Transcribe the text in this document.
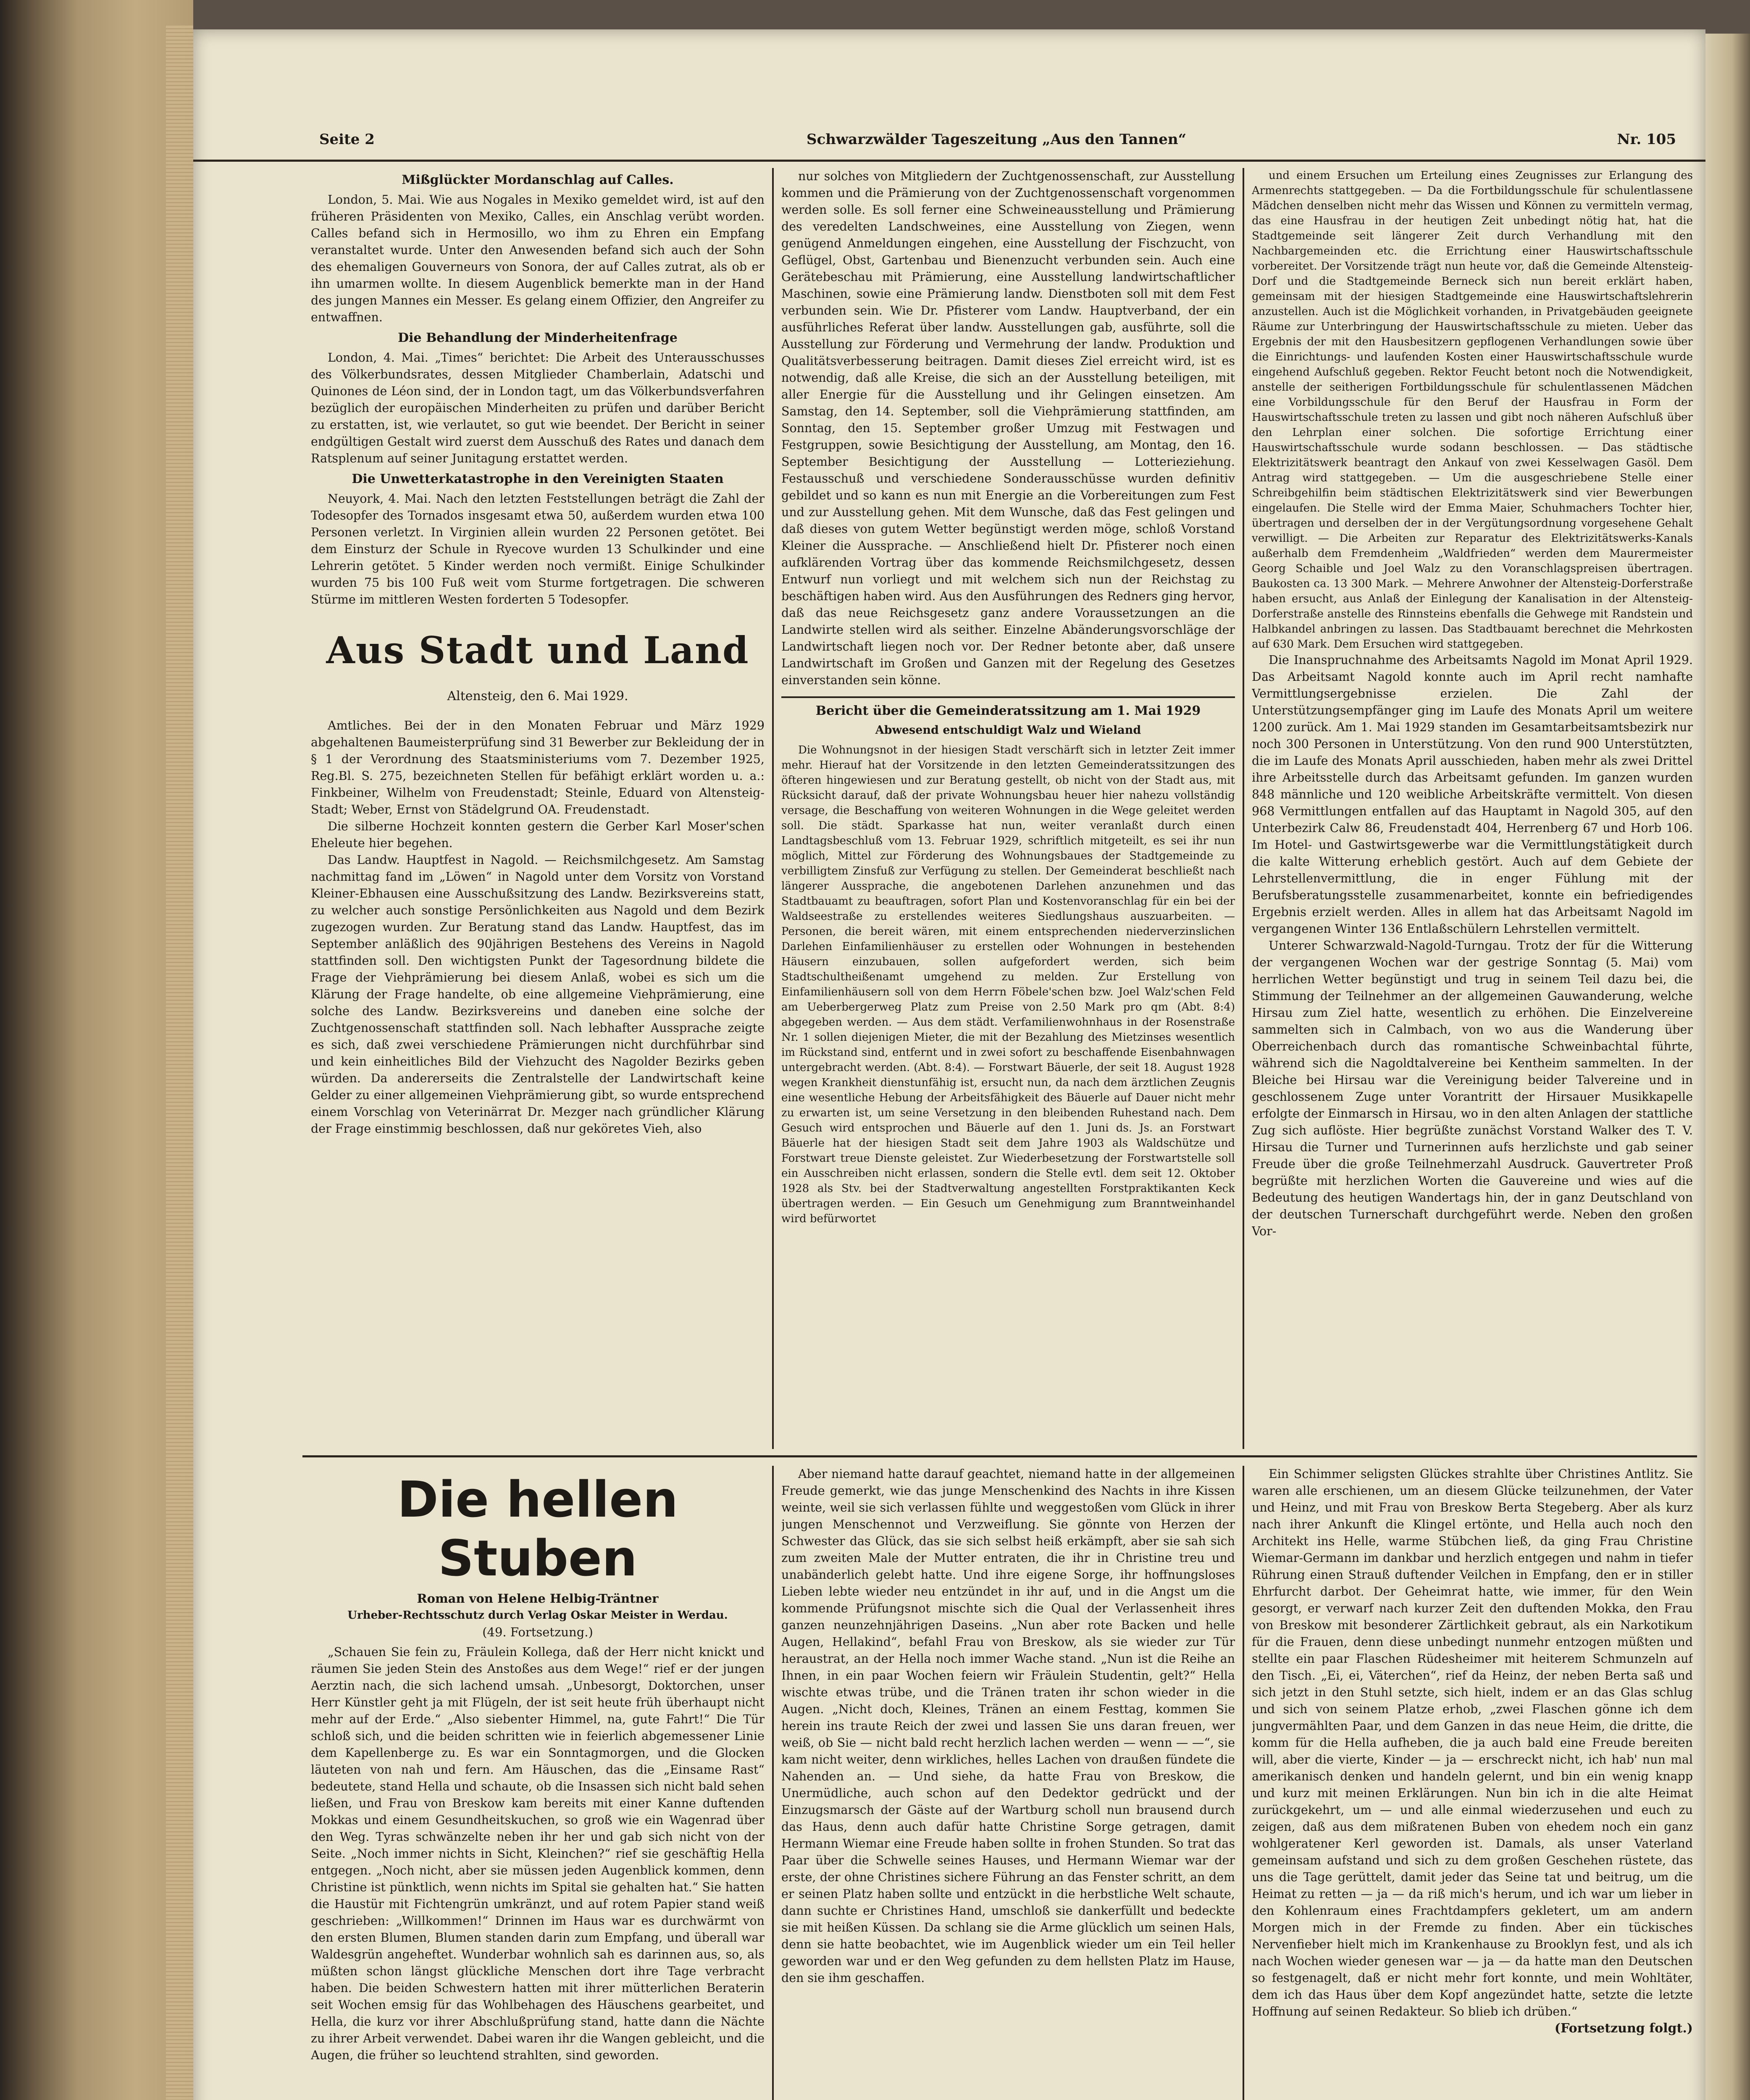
Seite 2	Schwarzwälder Tageszeitung „Aus den Tannen“	Nr. 105
Mißglückter Mordanschlag auf Calles.

London, 5. Mai. Wie aus Nogales in Mexiko gemeldet wird, ist auf den früheren Präsidenten von Mexiko, Calles, ein Anschlag verübt worden. Calles befand sich in Hermosillo, wo ihm zu Ehren ein Empfang veranstaltet wurde. Unter den Anwesenden befand sich auch der Sohn des ehemaligen Gouverneurs von Sonora, der auf Calles zutrat, als ob er ihn umarmen wollte. In diesem Augenblick bemerkte man in der Hand des jungen Mannes ein Messer. Es gelang einem Offizier, den Angreifer zu entwaffnen.

Die Behandlung der Minderheitenfrage

London, 4. Mai. „Times“ berichtet: Die Arbeit des Unterausschusses des Völkerbundsrates, dessen Mitglieder Chamberlain, Adatschi und Quinones de Léon sind, der in London tagt, um das Völkerbundsverfahren bezüglich der europäischen Minderheiten zu prüfen und darüber Bericht zu erstatten, ist, wie verlautet, so gut wie beendet. Der Bericht in seiner endgültigen Gestalt wird zuerst dem Ausschuß des Rates und danach dem Ratsplenum auf seiner Junitagung erstattet werden.

Die Unwetterkatastrophe in den Vereinigten Staaten

Neuyork, 4. Mai. Nach den letzten Feststellungen beträgt die Zahl der Todesopfer des Tornados insgesamt etwa 50, außerdem wurden etwa 100 Personen verletzt. In Virginien allein wurden 22 Personen getötet. Bei dem Einsturz der Schule in Ryecove wurden 13 Schulkinder und eine Lehrerin getötet. 5 Kinder werden noch vermißt. Einige Schulkinder wurden 75 bis 100 Fuß weit vom Sturme fortgetragen. Die schweren Stürme im mittleren Westen forderten 5 Todesopfer.

Aus Stadt und Land
Altensteig, den 6. Mai 1929.

Amtliches. Bei der in den Monaten Februar und März 1929 abgehaltenen Baumeisterprüfung sind 31 Bewerber zur Bekleidung der in § 1 der Verordnung des Staatsministeriums vom 7. Dezember 1925, Reg.Bl. S. 275, bezeichneten Stellen für befähigt erklärt worden u. a.: Finkbeiner, Wilhelm von Freudenstadt; Steinle, Eduard von Altensteig-Stadt; Weber, Ernst von Städelgrund OA. Freudenstadt.

Die silberne Hochzeit konnten gestern die Gerber Karl Moser'schen Eheleute hier begehen.

Das Landw. Hauptfest in Nagold. — Reichsmilchgesetz. Am Samstag nachmittag fand im „Löwen“ in Nagold unter dem Vorsitz von Vorstand Kleiner-Ebhausen eine Ausschußsitzung des Landw. Bezirksvereins statt, zu welcher auch sonstige Persönlichkeiten aus Nagold und dem Bezirk zugezogen wurden. Zur Beratung stand das Landw. Hauptfest, das im September anläßlich des 90jährigen Bestehens des Vereins in Nagold stattfinden soll. Den wichtigsten Punkt der Tagesordnung bildete die Frage der Viehprämierung bei diesem Anlaß, wobei es sich um die Klärung der Frage handelte, ob eine allgemeine Viehprämierung, eine solche des Landw. Bezirksvereins und daneben eine solche der Zuchtgenossenschaft stattfinden soll. Nach lebhafter Aussprache zeigte es sich, daß zwei verschiedene Prämierungen nicht durchführbar sind und kein einheitliches Bild der Viehzucht des Nagolder Bezirks geben würden. Da andererseits die Zentralstelle der Landwirtschaft keine Gelder zu einer allgemeinen Viehprämierung gibt, so wurde entsprechend einem Vorschlag von Veterinärrat Dr. Mezger nach gründlicher Klärung der Frage einstimmig beschlossen, daß nur geköretes Vieh, also

nur solches von Mitgliedern der Zuchtgenossenschaft, zur Ausstellung kommen und die Prämierung von der Zuchtgenossenschaft vorgenommen werden solle. Es soll ferner eine Schweineausstellung und Prämierung des veredelten Landschweines, eine Ausstellung von Ziegen, wenn genügend Anmeldungen eingehen, eine Ausstellung der Fischzucht, von Geflügel, Obst, Gartenbau und Bienenzucht verbunden sein. Auch eine Gerätebeschau mit Prämierung, eine Ausstellung landwirtschaftlicher Maschinen, sowie eine Prämierung landw. Dienstboten soll mit dem Fest verbunden sein. Wie Dr. Pfisterer vom Landw. Hauptverband, der ein ausführliches Referat über landw. Ausstellungen gab, ausführte, soll die Ausstellung zur Förderung und Vermehrung der landw. Produktion und Qualitätsverbesserung beitragen. Damit dieses Ziel erreicht wird, ist es notwendig, daß alle Kreise, die sich an der Ausstellung beteiligen, mit aller Energie für die Ausstellung und ihr Gelingen einsetzen. Am Samstag, den 14. September, soll die Viehprämierung stattfinden, am Sonntag, den 15. September großer Umzug mit Festwagen und Festgruppen, sowie Besichtigung der Ausstellung, am Montag, den 16. September Besichtigung der Ausstellung — Lotterieziehung. Festausschuß und verschiedene Sonderausschüsse wurden definitiv gebildet und so kann es nun mit Energie an die Vorbereitungen zum Fest und zur Ausstellung gehen. Mit dem Wunsche, daß das Fest gelingen und daß dieses von gutem Wetter begünstigt werden möge, schloß Vorstand Kleiner die Aussprache. — Anschließend hielt Dr. Pfisterer noch einen aufklärenden Vortrag über das kommende Reichsmilchgesetz, dessen Entwurf nun vorliegt und mit welchem sich nun der Reichstag zu beschäftigen haben wird. Aus den Ausführungen des Redners ging hervor, daß das neue Reichsgesetz ganz andere Voraussetzungen an die Landwirte stellen wird als seither. Einzelne Abänderungsvorschläge der Landwirtschaft liegen noch vor. Der Redner betonte aber, daß unsere Landwirtschaft im Großen und Ganzen mit der Regelung des Gesetzes einverstanden sein könne.

Bericht über die Gemeinderatssitzung am 1. Mai 1929
Abwesend entschuldigt Walz und Wieland

Die Wohnungsnot in der hiesigen Stadt verschärft sich in letzter Zeit immer mehr. Hierauf hat der Vorsitzende in den letzten Gemeinderatssitzungen des öfteren hingewiesen und zur Beratung gestellt, ob nicht von der Stadt aus, mit Rücksicht darauf, daß der private Wohnungsbau heuer hier nahezu vollständig versage, die Beschaffung von weiteren Wohnungen in die Wege geleitet werden soll. Die städt. Sparkasse hat nun, weiter veranlaßt durch einen Landtagsbeschluß vom 13. Februar 1929, schriftlich mitgeteilt, es sei ihr nun möglich, Mittel zur Förderung des Wohnungsbaues der Stadtgemeinde zu verbilligtem Zinsfuß zur Verfügung zu stellen. Der Gemeinderat beschließt nach längerer Aussprache, die angebotenen Darlehen anzunehmen und das Stadtbauamt zu beauftragen, sofort Plan und Kostenvoranschlag für ein bei der Waldseestraße zu erstellendes weiteres Siedlungshaus auszuarbeiten. — Personen, die bereit wären, mit einem entsprechenden niederverzinslichen Darlehen Einfamilienhäuser zu erstellen oder Wohnungen in bestehenden Häusern einzubauen, sollen aufgefordert werden, sich beim Stadtschultheißenamt umgehend zu melden. Zur Erstellung von Einfamilienhäusern soll von dem Herrn Föbele'schen bzw. Joel Walz'schen Feld am Ueberbergerweg Platz zum Preise von 2.50 Mark pro qm (Abt. 8:4) abgegeben werden. — Aus dem städt. Verfamilienwohnhaus in der Rosenstraße Nr. 1 sollen diejenigen Mieter, die mit der Bezahlung des Mietzinses wesentlich im Rückstand sind, entfernt und in zwei sofort zu beschaffende Eisenbahnwagen untergebracht werden. (Abt. 8:4). — Forstwart Bäuerle, der seit 18. August 1928 wegen Krankheit dienstunfähig ist, ersucht nun, da nach dem ärztlichen Zeugnis eine wesentliche Hebung der Arbeitsfähigkeit des Bäuerle auf Dauer nicht mehr zu erwarten ist, um seine Versetzung in den bleibenden Ruhestand nach. Dem Gesuch wird entsprochen und Bäuerle auf den 1. Juni ds. Js. an Forstwart Bäuerle hat der hiesigen Stadt seit dem Jahre 1903 als Waldschütze und Forstwart treue Dienste geleistet. Zur Wiederbesetzung der Forstwartstelle soll ein Ausschreiben nicht erlassen, sondern die Stelle evtl. dem seit 12. Oktober 1928 als Stv. bei der Stadtverwaltung angestellten Forstpraktikanten Keck übertragen werden. — Ein Gesuch um Genehmigung zum Branntweinhandel wird befürwortet

und einem Ersuchen um Erteilung eines Zeugnisses zur Erlangung des Armenrechts stattgegeben. — Da die Fortbildungsschule für schulentlassene Mädchen denselben nicht mehr das Wissen und Können zu vermitteln vermag, das eine Hausfrau in der heutigen Zeit unbedingt nötig hat, hat die Stadtgemeinde seit längerer Zeit durch Verhandlung mit den Nachbargemeinden etc. die Errichtung einer Hauswirtschaftsschule vorbereitet. Der Vorsitzende trägt nun heute vor, daß die Gemeinde Altensteig-Dorf und die Stadtgemeinde Berneck sich nun bereit erklärt haben, gemeinsam mit der hiesigen Stadtgemeinde eine Hauswirtschaftslehrerin anzustellen. Auch ist die Möglichkeit vorhanden, in Privatgebäuden geeignete Räume zur Unterbringung der Hauswirtschaftsschule zu mieten. Ueber das Ergebnis der mit den Hausbesitzern gepflogenen Verhandlungen sowie über die Einrichtungs- und laufenden Kosten einer Hauswirtschaftsschule wurde eingehend Aufschluß gegeben. Rektor Feucht betont noch die Notwendigkeit, anstelle der seitherigen Fortbildungsschule für schulentlassenen Mädchen eine Vorbildungsschule für den Beruf der Hausfrau in Form der Hauswirtschaftsschule treten zu lassen und gibt noch näheren Aufschluß über den Lehrplan einer solchen. Die sofortige Errichtung einer Hauswirtschaftsschule wurde sodann beschlossen. — Das städtische Elektrizitätswerk beantragt den Ankauf von zwei Kesselwagen Gasöl. Dem Antrag wird stattgegeben. — Um die ausgeschriebene Stelle einer Schreibgehilfin beim städtischen Elektrizitätswerk sind vier Bewerbungen eingelaufen. Die Stelle wird der Emma Maier, Schuhmachers Tochter hier, übertragen und derselben der in der Vergütungsordnung vorgesehene Gehalt verwilligt. — Die Arbeiten zur Reparatur des Elektrizitätswerks-Kanals außerhalb dem Fremdenheim „Waldfrieden“ werden dem Maurermeister Georg Schaible und Joel Walz zu den Voranschlagspreisen übertragen. Baukosten ca. 13 300 Mark. — Mehrere Anwohner der Altensteig-Dorferstraße haben ersucht, aus Anlaß der Einlegung der Kanalisation in der Altensteig-Dorferstraße anstelle des Rinnsteins ebenfalls die Gehwege mit Randstein und Halbkandel anbringen zu lassen. Das Stadtbauamt berechnet die Mehrkosten auf 630 Mark. Dem Ersuchen wird stattgegeben.

Die Inanspruchnahme des Arbeitsamts Nagold im Monat April 1929. Das Arbeitsamt Nagold konnte auch im April recht namhafte Vermittlungsergebnisse erzielen. Die Zahl der Unterstützungsempfänger ging im Laufe des Monats April um weitere 1200 zurück. Am 1. Mai 1929 standen im Gesamtarbeitsamtsbezirk nur noch 300 Personen in Unterstützung. Von den rund 900 Unterstützten, die im Laufe des Monats April ausschieden, haben mehr als zwei Drittel ihre Arbeitsstelle durch das Arbeitsamt gefunden. Im ganzen wurden 848 männliche und 120 weibliche Arbeitskräfte vermittelt. Von diesen 968 Vermittlungen entfallen auf das Hauptamt in Nagold 305, auf den Unterbezirk Calw 86, Freudenstadt 404, Herrenberg 67 und Horb 106. Im Hotel- und Gastwirtsgewerbe war die Vermittlungstätigkeit durch die kalte Witterung erheblich gestört. Auch auf dem Gebiete der Lehrstellenvermittlung, die in enger Fühlung mit der Berufsberatungsstelle zusammenarbeitet, konnte ein befriedigendes Ergebnis erzielt werden. Alles in allem hat das Arbeitsamt Nagold im vergangenen Winter 136 Entlaßschülern Lehrstellen vermittelt.

Unterer Schwarzwald-Nagold-Turngau. Trotz der für die Witterung der vergangenen Wochen war der gestrige Sonntag (5. Mai) vom herrlichen Wetter begünstigt und trug in seinem Teil dazu bei, die Stimmung der Teilnehmer an der allgemeinen Gauwanderung, welche Hirsau zum Ziel hatte, wesentlich zu erhöhen. Die Einzelvereine sammelten sich in Calmbach, von wo aus die Wanderung über Oberreichenbach durch das romantische Schweinbachtal führte, während sich die Nagoldtalvereine bei Kentheim sammelten. In der Bleiche bei Hirsau war die Vereinigung beider Talvereine und in geschlossenem Zuge unter Vorantritt der Hirsauer Musikkapelle erfolgte der Einmarsch in Hirsau, wo in den alten Anlagen der stattliche Zug sich auflöste. Hier begrüßte zunächst Vorstand Walker des T. V. Hirsau die Turner und Turnerinnen aufs herzlichste und gab seiner Freude über die große Teilnehmerzahl Ausdruck. Gauvertreter Proß begrüßte mit herzlichen Worten die Gauvereine und wies auf die Bedeutung des heutigen Wandertags hin, der in ganz Deutschland von der deutschen Turnerschaft durchgeführt werde. Neben den großen Vor-

Die hellen Stuben
Roman von Helene Helbig-Träntner
Urheber-Rechtsschutz durch Verlag Oskar Meister in Werdau.
(49. Fortsetzung.)

„Schauen Sie fein zu, Fräulein Kollega, daß der Herr nicht knickt und räumen Sie jeden Stein des Anstoßes aus dem Wege!“ rief er der jungen Aerztin nach, die sich lachend umsah. „Unbesorgt, Doktorchen, unser Herr Künstler geht ja mit Flügeln, der ist seit heute früh überhaupt nicht mehr auf der Erde.“ „Also siebenter Himmel, na, gute Fahrt!“ Die Tür schloß sich, und die beiden schritten wie in feierlich abgemessener Linie dem Kapellenberge zu. Es war ein Sonntagmorgen, und die Glocken läuteten von nah und fern. Am Häuschen, das die „Einsame Rast“ bedeutete, stand Hella und schaute, ob die Insassen sich nicht bald sehen ließen, und Frau von Breskow kam bereits mit einer Kanne duftenden Mokkas und einem Gesundheitskuchen, so groß wie ein Wagenrad über den Weg. Tyras schwänzelte neben ihr her und gab sich nicht von der Seite. „Noch immer nichts in Sicht, Kleinchen?“ rief sie geschäftig Hella entgegen. „Noch nicht, aber sie müssen jeden Augenblick kommen, denn Christine ist pünktlich, wenn nichts im Spital sie gehalten hat.“ Sie hatten die Haustür mit Fichtengrün umkränzt, und auf rotem Papier stand weiß geschrieben: „Willkommen!“ Drinnen im Haus war es durchwärmt von den ersten Blumen, Blumen standen darin zum Empfang, und überall war Waldesgrün angeheftet. Wunderbar wohnlich sah es darinnen aus, so, als müßten schon längst glückliche Menschen dort ihre Tage verbracht haben. Die beiden Schwestern hatten mit ihrer mütterlichen Beraterin seit Wochen emsig für das Wohlbehagen des Häuschens gearbeitet, und Hella, die kurz vor ihrer Abschlußprüfung stand, hatte dann die Nächte zu ihrer Arbeit verwendet. Dabei waren ihr die Wangen gebleicht, und die Augen, die früher so leuchtend strahlten, sind geworden.

Aber niemand hatte darauf geachtet, niemand hatte in der allgemeinen Freude gemerkt, wie das junge Menschenkind des Nachts in ihre Kissen weinte, weil sie sich verlassen fühlte und weggestoßen vom Glück in ihrer jungen Menschennot und Verzweiflung. Sie gönnte von Herzen der Schwester das Glück, das sie sich selbst heiß erkämpft, aber sie sah sich zum zweiten Male der Mutter entraten, die ihr in Christine treu und unabänderlich gelebt hatte. Und ihre eigene Sorge, ihr hoffnungsloses Lieben lebte wieder neu entzündet in ihr auf, und in die Angst um die kommende Prüfungsnot mischte sich die Qual der Verlassenheit ihres ganzen neunzehnjährigen Daseins. „Nun aber rote Backen und helle Augen, Hellakind“, befahl Frau von Breskow, als sie wieder zur Tür heraustrat, an der Hella noch immer Wache stand. „Nun ist die Reihe an Ihnen, in ein paar Wochen feiern wir Fräulein Studentin, gelt?“ Hella wischte etwas trübe, und die Tränen traten ihr schon wieder in die Augen. „Nicht doch, Kleines, Tränen an einem Festtag, kommen Sie herein ins traute Reich der zwei und lassen Sie uns daran freuen, wer weiß, ob Sie — nicht bald recht herzlich lachen werden — wenn — —“, sie kam nicht weiter, denn wirkliches, helles Lachen von draußen fündete die Nahenden an. — Und siehe, da hatte Frau von Breskow, die Unermüdliche, auch schon auf den Dedektor gedrückt und der Einzugsmarsch der Gäste auf der Wartburg scholl nun brausend durch das Haus, denn auch dafür hatte Christine Sorge getragen, damit Hermann Wiemar eine Freude haben sollte in frohen Stunden. So trat das Paar über die Schwelle seines Hauses, und Hermann Wiemar war der erste, der ohne Christines sichere Führung an das Fenster schritt, an dem er seinen Platz haben sollte und entzückt in die herbstliche Welt schaute, dann suchte er Christines Hand, umschloß sie dankerfüllt und bedeckte sie mit heißen Küssen. Da schlang sie die Arme glücklich um seinen Hals, denn sie hatte beobachtet, wie im Augenblick wieder um ein Teil heller geworden war und er den Weg gefunden zu dem hellsten Platz im Hause, den sie ihm geschaffen.

Ein Schimmer seligsten Glückes strahlte über Christines Antlitz. Sie waren alle erschienen, um an diesem Glücke teilzunehmen, der Vater und Heinz, und mit Frau von Breskow Berta Stegeberg. Aber als kurz nach ihrer Ankunft die Klingel ertönte, und Hella auch noch den Architekt ins Helle, warme Stübchen ließ, da ging Frau Christine Wiemar-Germann im dankbar und herzlich entgegen und nahm in tiefer Rührung einen Strauß duftender Veilchen in Empfang, den er in stiller Ehrfurcht darbot. Der Geheimrat hatte, wie immer, für den Wein gesorgt, er verwarf nach kurzer Zeit den duftenden Mokka, den Frau von Breskow mit besonderer Zärtlichkeit gebraut, als ein Narkotikum für die Frauen, denn diese unbedingt nunmehr entzogen müßten und stellte ein paar Flaschen Rüdesheimer mit heiterem Schmunzeln auf den Tisch. „Ei, ei, Väterchen“, rief da Heinz, der neben Berta saß und sich jetzt in den Stuhl setzte, sich hielt, indem er an das Glas schlug und sich von seinem Platze erhob, „zwei Flaschen gönne ich dem jungvermählten Paar, und dem Ganzen in das neue Heim, die dritte, die komm für die Hella aufheben, die ja auch bald eine Freude bereiten will, aber die vierte, Kinder — ja — erschreckt nicht, ich hab' nun mal amerikanisch denken und handeln gelernt, und bin ein wenig knapp und kurz mit meinen Erklärungen. Nun bin ich in die alte Heimat zurückgekehrt, um — und alle einmal wiederzusehen und euch zu zeigen, daß aus dem mißratenen Buben von ehedem noch ein ganz wohlgeratener Kerl geworden ist. Damals, als unser Vaterland gemeinsam aufstand und sich zu dem großen Geschehen rüstete, das uns die Tage gerüttelt, damit jeder das Seine tat und beitrug, um die Heimat zu retten — ja — da riß mich's herum, und ich war um lieber in den Kohlenraum eines Frachtdampfers gekletert, um am andern Morgen mich in der Fremde zu finden. Aber ein tückisches Nervenfieber hielt mich im Krankenhause zu Brooklyn fest, und als ich nach Wochen wieder genesen war — ja — da hatte man den Deutschen so festgenagelt, daß er nicht mehr fort konnte, und mein Wohltäter, dem ich das Haus über dem Kopf angezündet hatte, setzte die letzte Hoffnung auf seinen Redakteur. So blieb ich drüben.“

(Fortsetzung folgt.)
